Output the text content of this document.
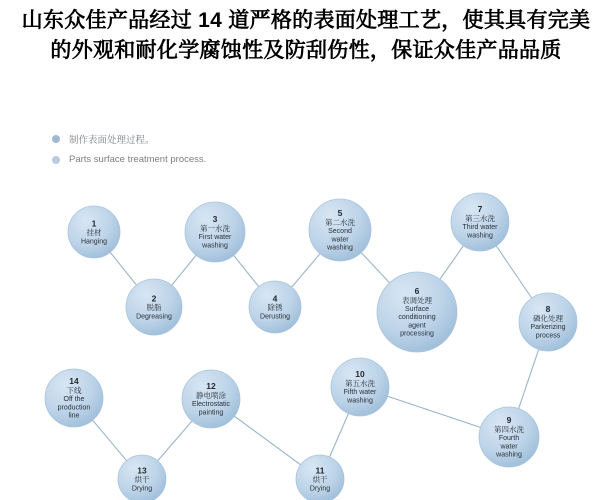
山东众佳产品经过 14 道严格的表面处理工艺，使其具有完美的外观和耐化学腐蚀性及防刮伤性，保证众佳产品品质
制作表面处理过程。
Parts surface treatment process.
1
挂材
Hanging
2
脱脂
Degreasing
3
第一水洗
First water
washing
4
除锈
Derusting
5
第二水洗
Second
water
washing
6
表调处理
Surface
conditioning
agent
processing
7
第三水洗
Third water
washing
8
磷化处理
Parkerizing
process
9
第四水洗
Fourth
water
washing
10
第五水洗
Fifth water
washing
11
烘干
Drying
12
静电喷涂
Electrostatic
painting
13
烘干
Drying
14
下线
Off the
production
line
